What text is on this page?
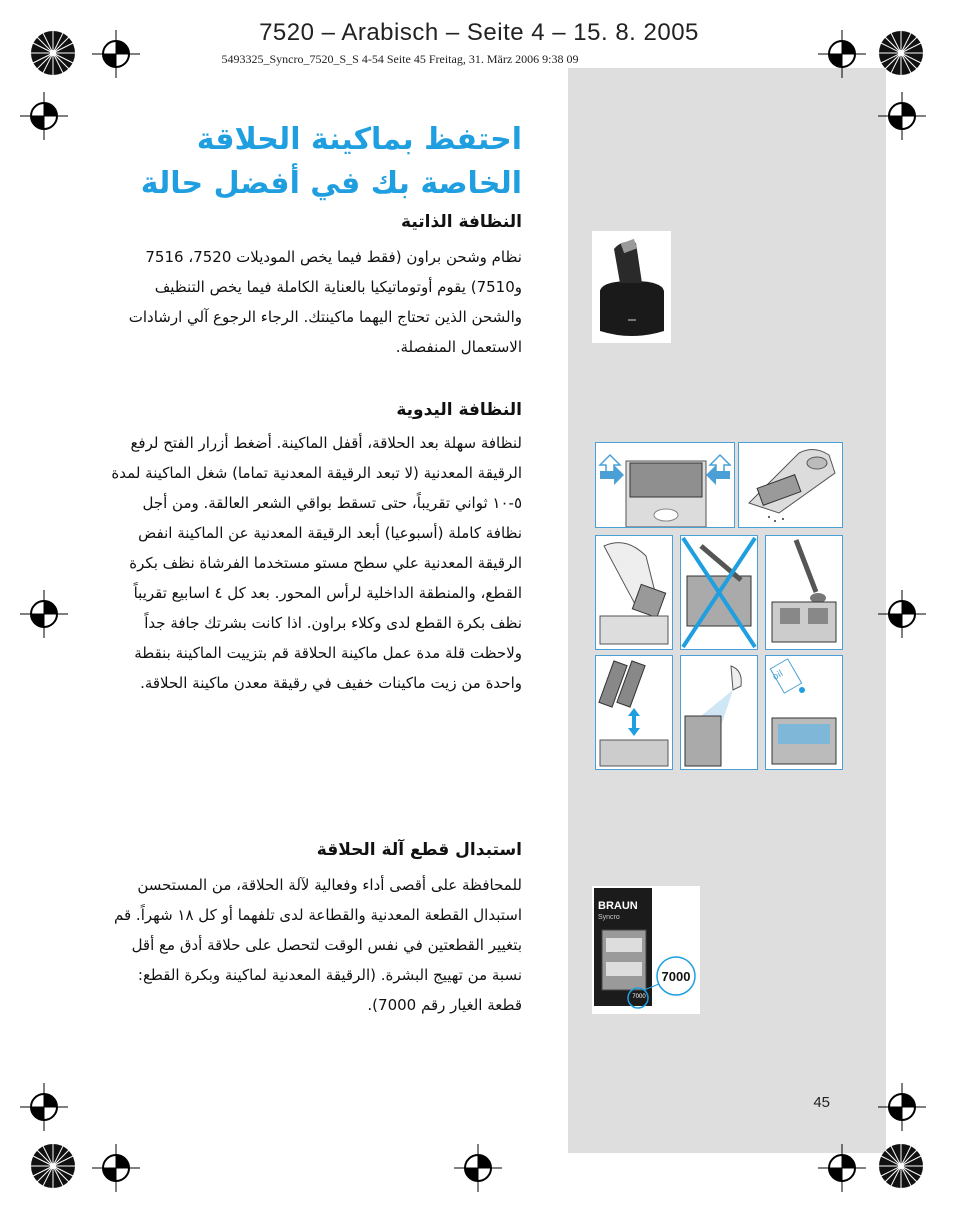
7520 – Arabisch – Seite 4 – 15. 8. 2005
5493325_Syncro_7520_S_S 4-54 Seite 45 Freitag, 31. März 2006 9:38 09
احتفظ بماكينة الحلاقة الخاصة بك في أفضل حالة
النظافة الذاتية
نظام وشحن براون (فقط فيما يخص الموديلات 7520، 7516 و7510) يقوم أوتوماتيكيا بالعناية الكاملة فيما يخص التنظيف والشحن الذين تحتاج اليهما ماكينتك. الرجاء الرجوع آلي ارشادات الاستعمال المنفصلة.
النظافة اليدوية
لنظافة سهلة بعد الحلاقة، أقفل الماكينة. أضغط أزرار الفتح لرفع الرقيقة المعدنية (لا تبعد الرقيقة المعدنية تماما) شغل الماكينة لمدة ٥-١٠ ثواني تقريباً، حتى تسقط بواقي الشعر العالقة. ومن أجل نظافة كاملة (أسبوعيا) أبعد الرقيقة المعدنية عن الماكينة انفض الرقيقة المعدنية علي سطح مستو مستخدما الفرشاة نظف بكرة القطع، والمنطقة الداخلية لرأس المحور. بعد كل ٤ اسابيع تقريباً نظف بكرة القطع لدى وكلاء براون. اذا كانت بشرتك جافة جداً ولاحظت قلة مدة عمل ماكينة الحلاقة قم بتزييت الماكينة بنقطة واحدة من زيت ماكينات خفيف في رقيقة معدن ماكينة الحلاقة.
استبدال قطع آلة الحلاقة
للمحافظة على أقصى أداء وفعالية لآلة الحلاقة، من المستحسن استبدال القطعة المعدنية والقطاعة لدى تلفهما أو كل ١٨ شهراً. قم بتغيير القطعتين في نفس الوقت لتحصل على حلاقة أدق مع أقل نسبة من تهييج البشرة. (الرقيقة المعدنية لماكينة وبكرة القطع: قطعة الغيار رقم 7000).
oil
BRAUN
Syncro
7000
7000
45
